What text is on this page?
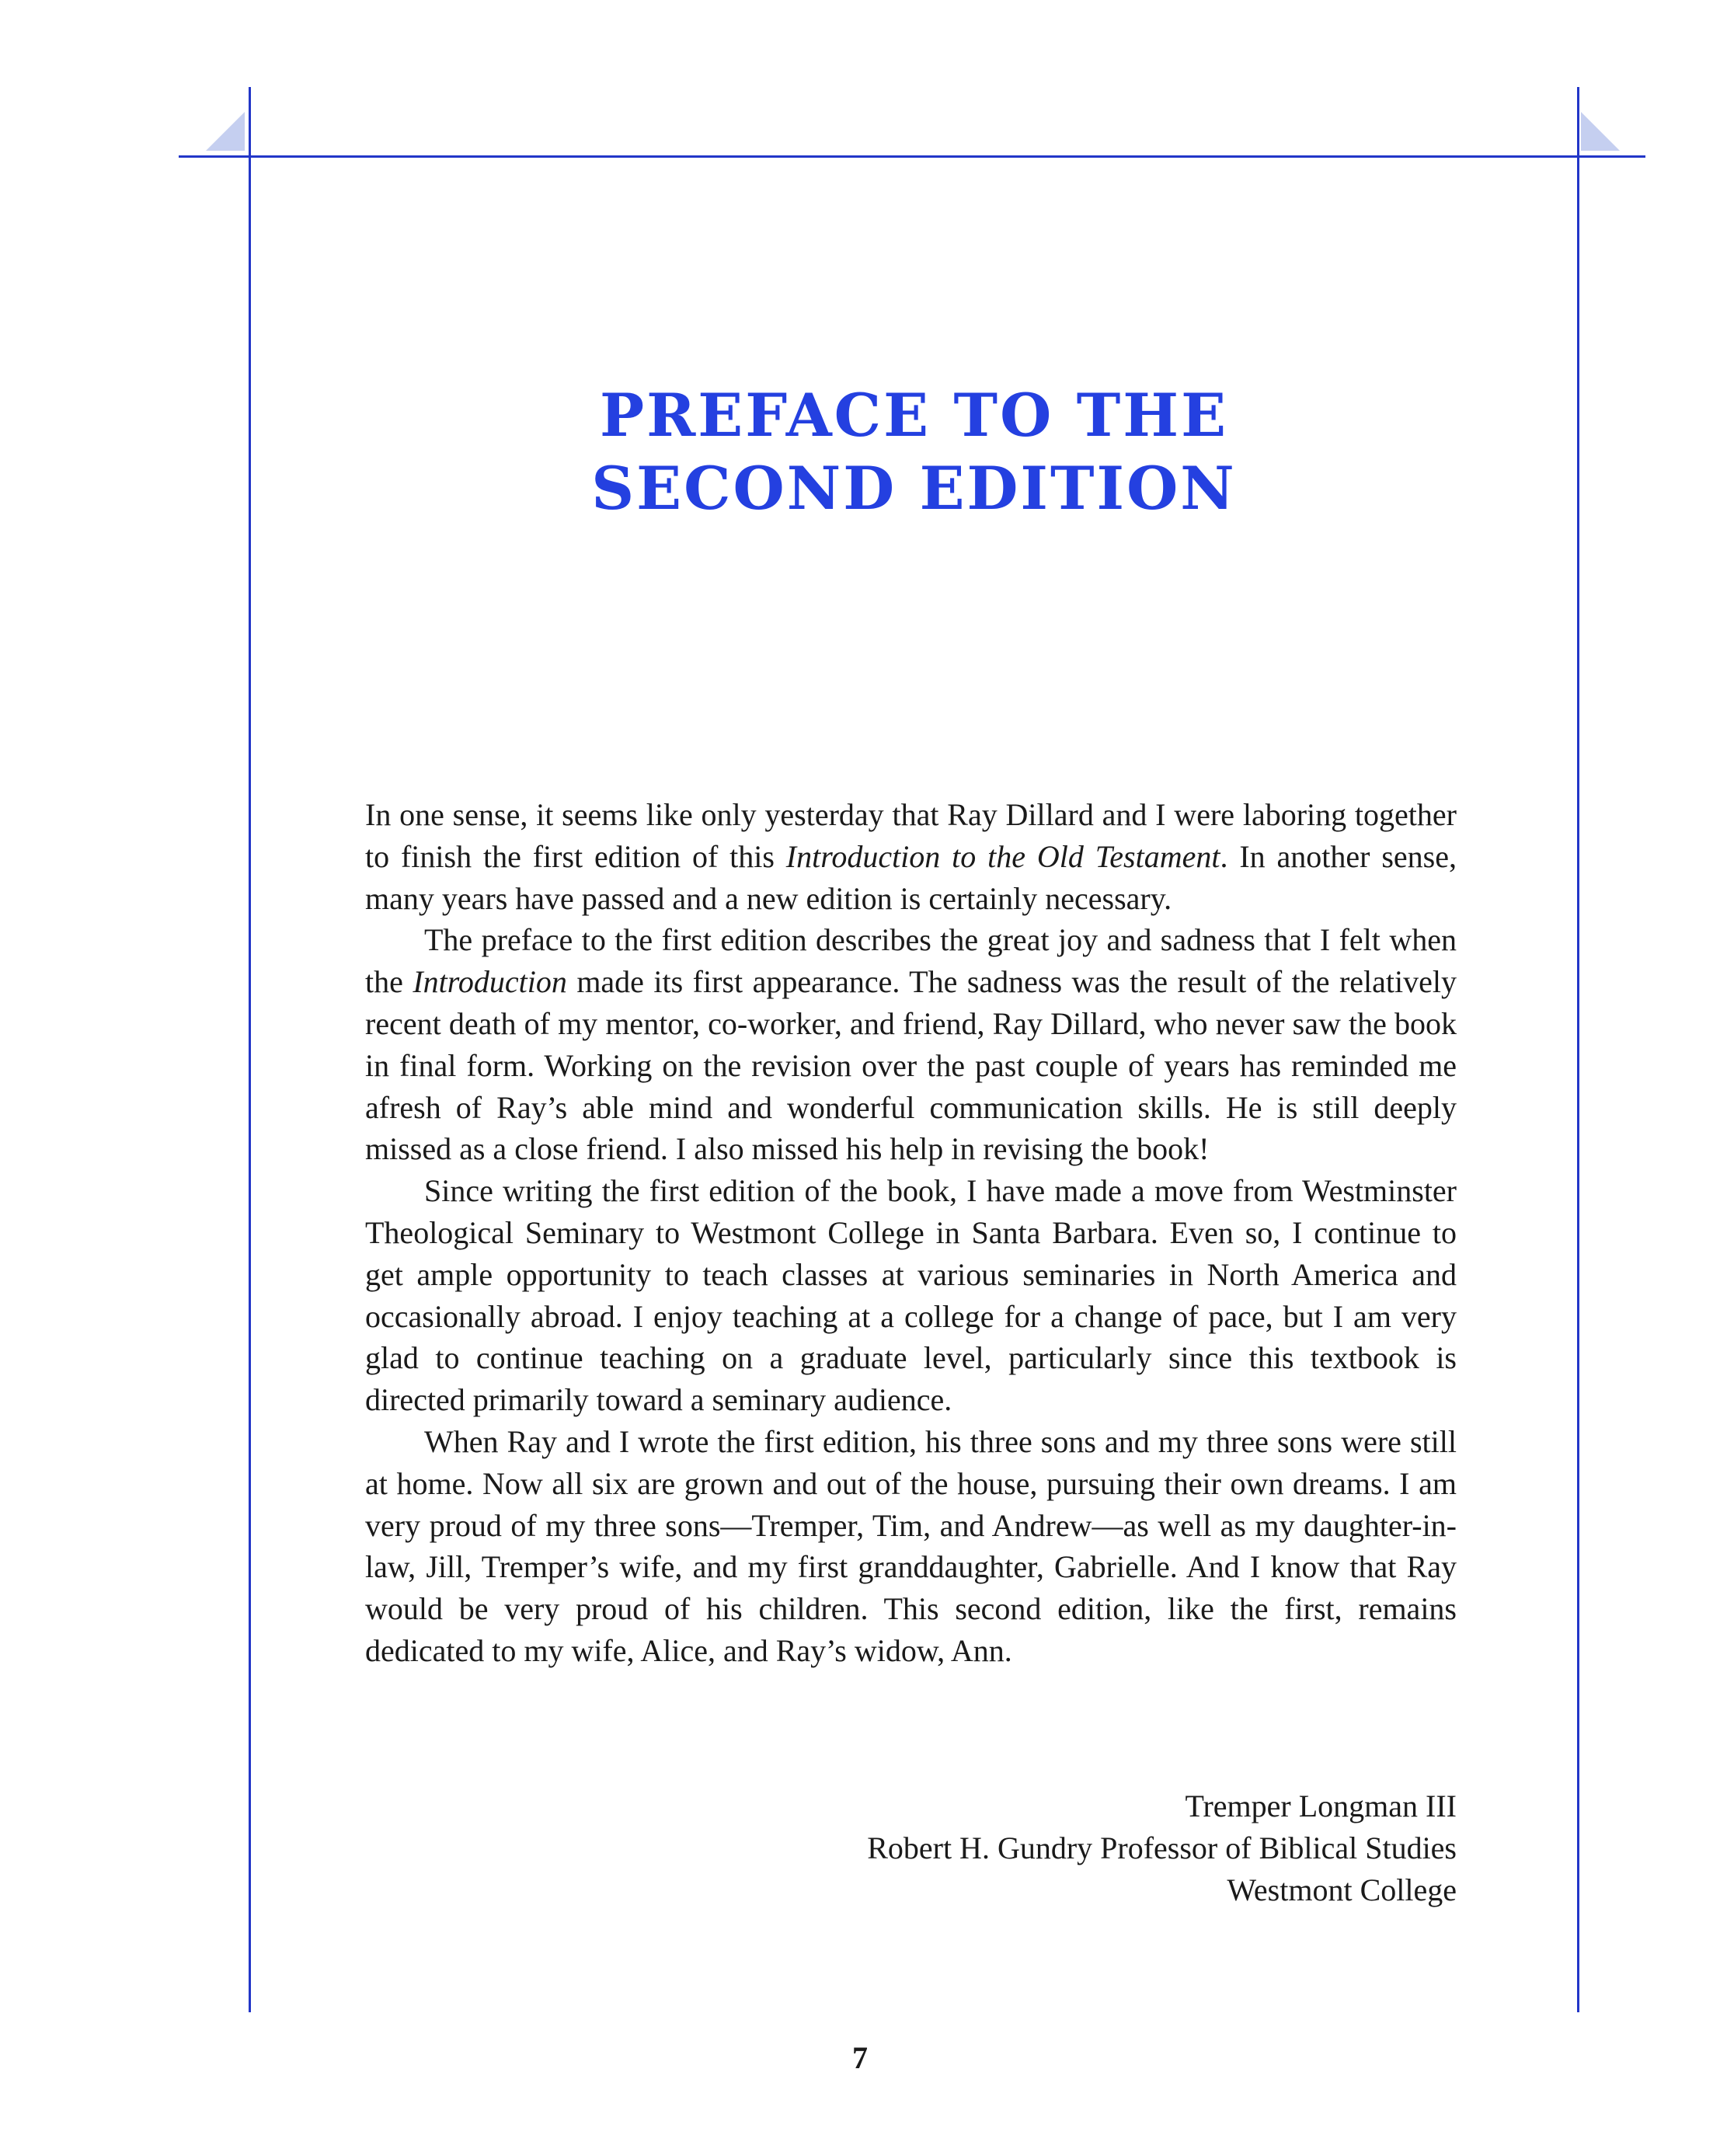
PREFACE TO THE
SECOND EDITION

In one sense, it seems like only yesterday that Ray Dillard and I were laboring together to finish the first edition of this Introduction to the Old Testament. In another sense, many years have passed and a new edition is certainly necessary.

The preface to the first edition describes the great joy and sadness that I felt when the Introduction made its first appearance. The sadness was the result of the relatively recent death of my mentor, co-worker, and friend, Ray Dillard, who never saw the book in final form. Working on the revision over the past couple of years has reminded me afresh of Ray’s able mind and wonderful communication skills. He is still deeply missed as a close friend. I also missed his help in revising the book!

Since writing the first edition of the book, I have made a move from Westminster Theological Seminary to Westmont College in Santa Barbara. Even so, I continue to get ample opportunity to teach classes at various seminaries in North America and occasionally abroad. I enjoy teaching at a college for a change of pace, but I am very glad to continue teaching on a graduate level, particularly since this textbook is directed primarily toward a seminary audience.

When Ray and I wrote the first edition, his three sons and my three sons were still at home. Now all six are grown and out of the house, pursuing their own dreams. I am very proud of my three sons—Tremper, Tim, and Andrew—as well as my daughter-in-law, Jill, Tremper’s wife, and my first granddaughter, Gabrielle. And I know that Ray would be very proud of his children. This second edition, like the first, remains dedicated to my wife, Alice, and Ray’s widow, Ann.

Tremper Longman III
Robert H. Gundry Professor of Biblical Studies
Westmont College
7
